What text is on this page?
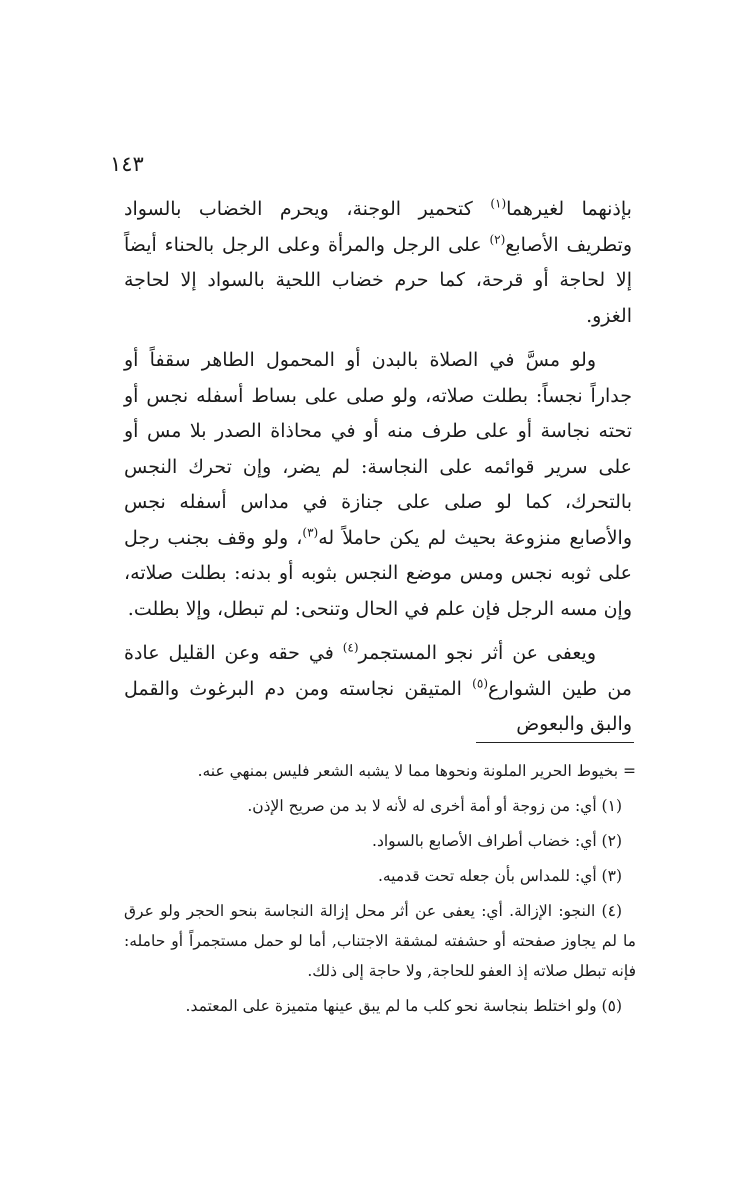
١٤٣

بإذنهما لغيرهما$^{(١)}$ كتحمير الوجنة، ويحرم الخضاب بالسواد وتطريف الأصابع$^{(٢)}$ على الرجل والمرأة وعلى الرجل بالحناء أيضاً إلا لحاجة أو قرحة، كما حرم خضاب اللحية بالسواد إلا لحاجة الغزو.

ولو مسَّ في الصلاة بالبدن أو المحمول الطاهر سقفاً أو جداراً نجساً: بطلت صلاته، ولو صلى على بساط أسفله نجس أو تحته نجاسة أو على طرف منه أو في محاذاة الصدر بلا مس أو على سرير قوائمه على النجاسة: لم يضر، وإن تحرك النجس بالتحرك، كما لو صلى على جنازة في مداس أسفله نجس والأصابع منزوعة بحيث لم يكن حاملاً له$^{(٣)}$، ولو وقف بجنب رجل على ثوبه نجس ومس موضع النجس بثوبه أو بدنه: بطلت صلاته، وإن مسه الرجل فإن علم في الحال وتنحى: لم تبطل، وإلا بطلت.

ويعفى عن أثر نجو المستجمر$^{(٤)}$ في حقه وعن القليل عادة من طين الشوارع$^{(٥)}$ المتيقن نجاسته ومن دم البرغوث والقمل والبق والبعوض

= بخيوط الحرير الملونة ونحوها مما لا يشبه الشعر فليس بمنهي عنه.

(١) أي: من زوجة أو أمة أخرى له لأنه لا بد من صريح الإذن.

(٢) أي: خضاب أطراف الأصابع بالسواد.

(٣) أي: للمداس بأن جعله تحت قدميه.

(٤) النجو: الإزالة. أي: يعفى عن أثر محل إزالة النجاسة بنحو الحجر ولو عرق ما لم يجاوز صفحته أو حشفته لمشقة الاجتناب, أما لو حمل مستجمراً أو حامله: فإنه تبطل صلاته إذ العفو للحاجة, ولا حاجة إلى ذلك.

(٥) ولو اختلط بنجاسة نحو كلب ما لم يبق عينها متميزة على المعتمد.
